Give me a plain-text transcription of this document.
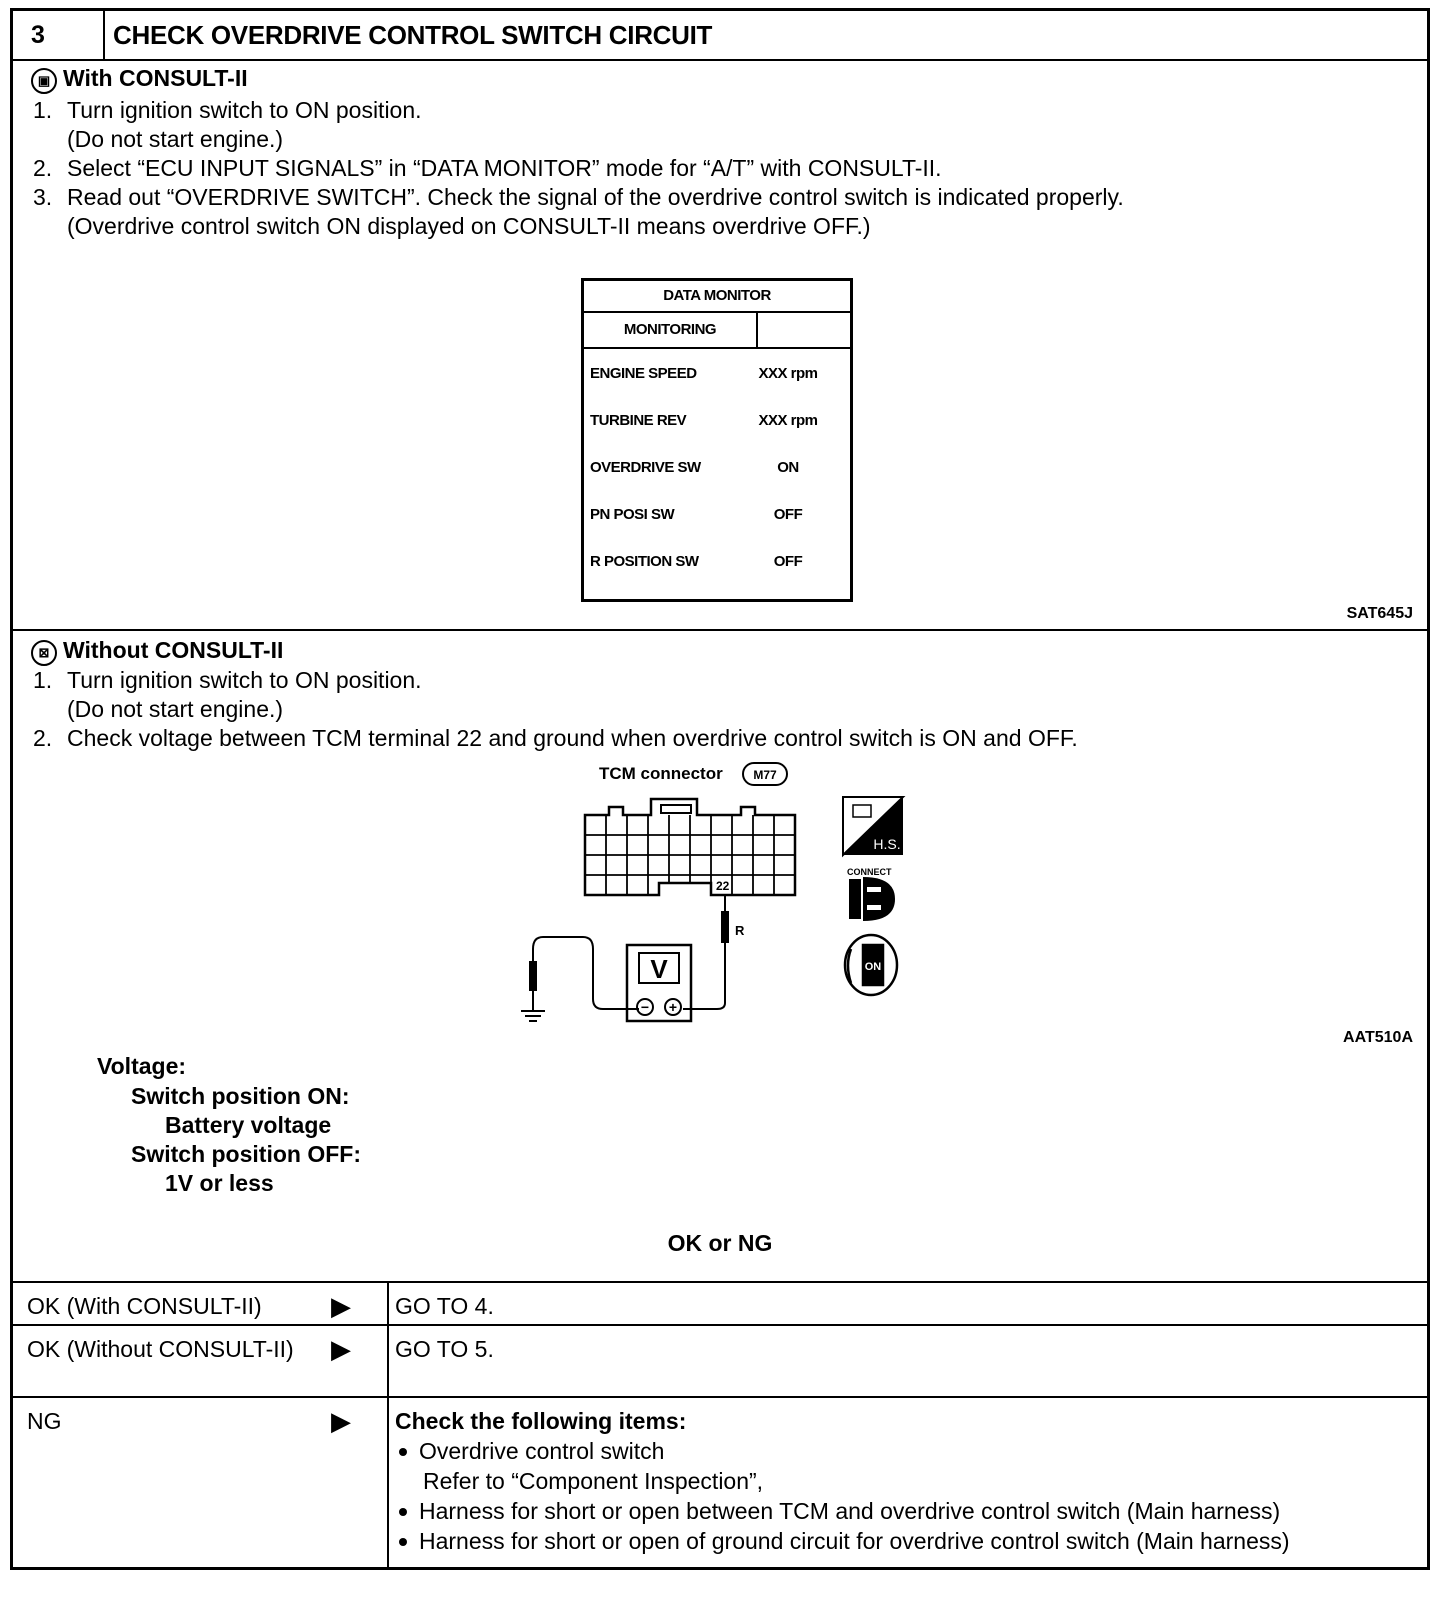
3	CHECK OVERDRIVE CONTROL SWITCH CIRCUIT
▣ With CONSULT-II
1. Turn ignition switch to ON position.
(Do not start engine.)
2. Select “ECU INPUT SIGNALS” in “DATA MONITOR” mode for “A/T” with CONSULT-II.
3. Read out “OVERDRIVE SWITCH”. Check the signal of the overdrive control switch is indicated properly.
(Overdrive control switch ON displayed on CONSULT-II means overdrive OFF.)
DATA MONITOR
MONITORING
ENGINE SPEED	XXX rpm
TURBINE REV	XXX rpm
OVERDRIVE SW	ON
PN POSI SW	OFF
R POSITION SW	OFF
SAT645J
⊠ Without CONSULT-II
1. Turn ignition switch to ON position.
(Do not start engine.)
2. Check voltage between TCM terminal 22 and ground when overdrive control switch is ON and OFF.
TCM connector	M77
22
R
V
− +
H.S.
CONNECT
ON
AAT510A
Voltage:
Switch position ON:
Battery voltage
Switch position OFF:
1V or less
OK or NG
OK (With CONSULT-II)	▶ GO TO 4.
OK (Without CONSULT-II)	▶ GO TO 5.
NG	▶ Check the following items:
Overdrive control switch
Refer to “Component Inspection”,
Harness for short or open between TCM and overdrive control switch (Main harness)
Harness for short or open of ground circuit for overdrive control switch (Main harness)
